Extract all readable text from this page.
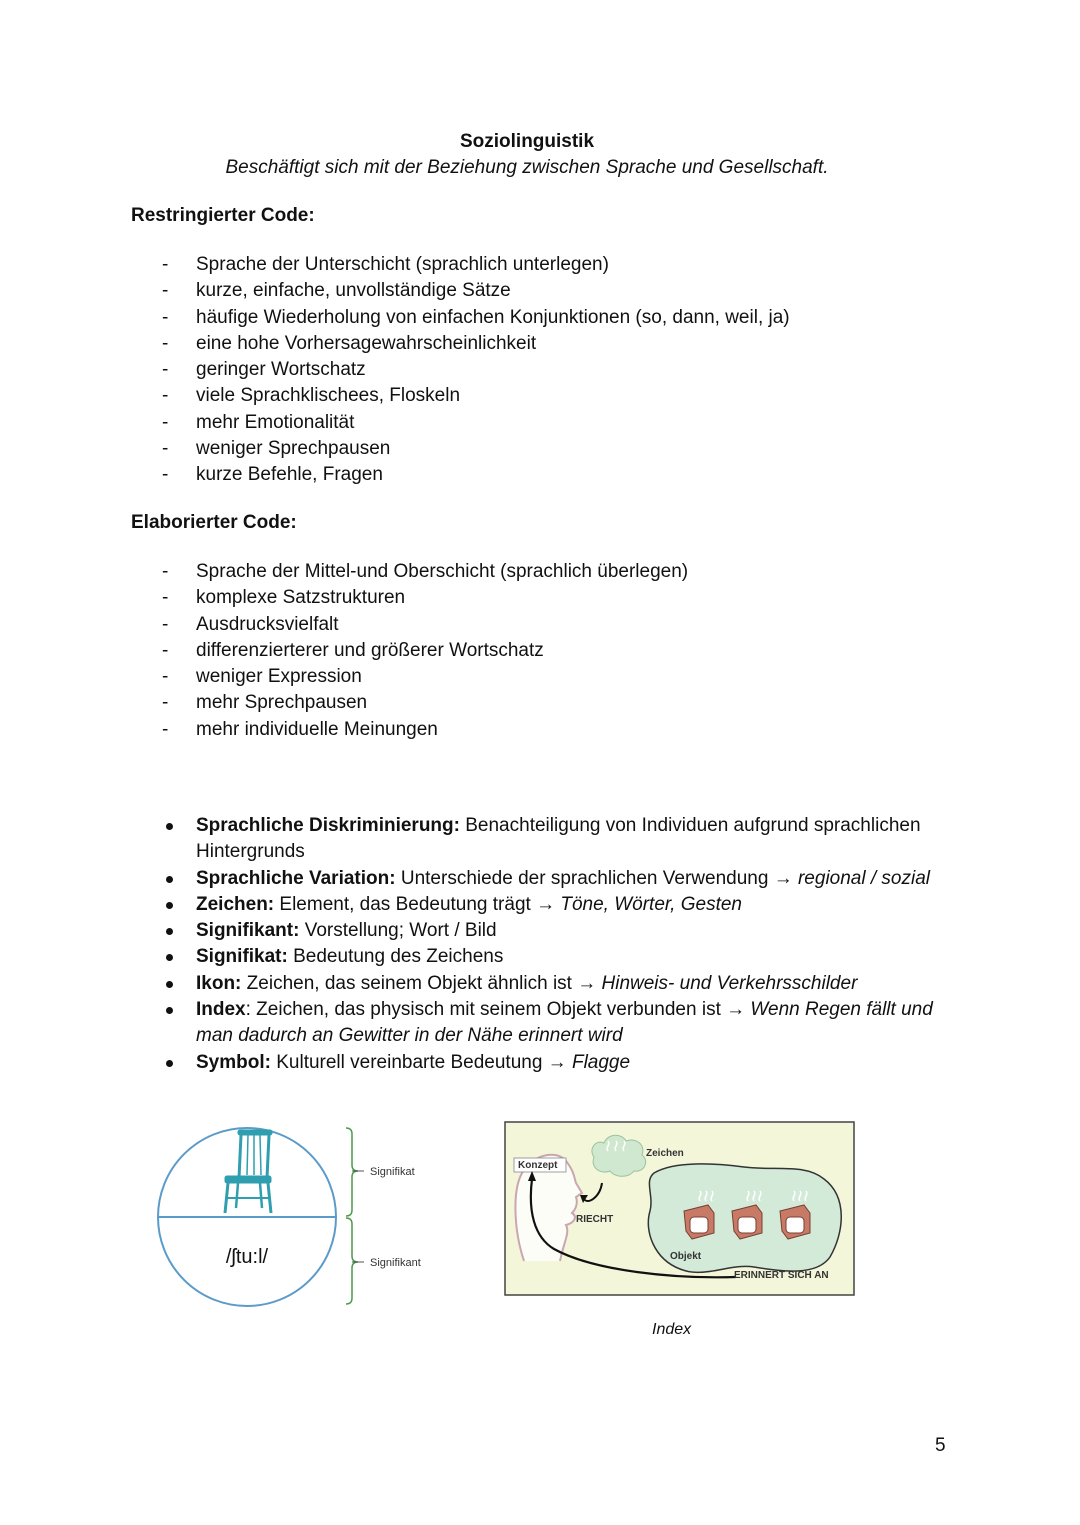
Soziolinguistik
Beschäftigt sich mit der Beziehung zwischen Sprache und Gesellschaft.
Restringierter Code:
- Sprache der Unterschicht (sprachlich unterlegen)
- kurze, einfache, unvollständige Sätze
- häufige Wiederholung von einfachen Konjunktionen (so, dann, weil, ja)
- eine hohe Vorhersagewahrscheinlichkeit
- geringer Wortschatz
- viele Sprachklischees, Floskeln
- mehr Emotionalität
- weniger Sprechpausen
- kurze Befehle, Fragen
Elaborierter Code:
- Sprache der Mittel-und Oberschicht (sprachlich überlegen)
- komplexe Satzstrukturen
- Ausdrucksvielfalt
- differenzierterer und größerer Wortschatz
- weniger Expression
- mehr Sprechpausen
- mehr individuelle Meinungen
Sprachliche Diskriminierung: Benachteiligung von Individuen aufgrund sprachlichen Hintergrunds
Sprachliche Variation: Unterschiede der sprachlichen Verwendung → regional / sozial
Zeichen: Element, das Bedeutung trägt → Töne, Wörter, Gesten
Signifikant: Vorstellung; Wort / Bild
Signifikat: Bedeutung des Zeichens
Ikon: Zeichen, das seinem Objekt ähnlich ist → Hinweis- und Verkehrsschilder
Index: Zeichen, das physisch mit seinem Objekt verbunden ist → Wenn Regen fällt und man dadurch an Gewitter in der Nähe erinnert wird
Symbol: Kulturell vereinbarte Bedeutung → Flagge
/ʃtu:l/
Signifikat
Signifikant
Konzept
Zeichen
RIECHT
Objekt
ERINNERT SICH AN
Index
5
